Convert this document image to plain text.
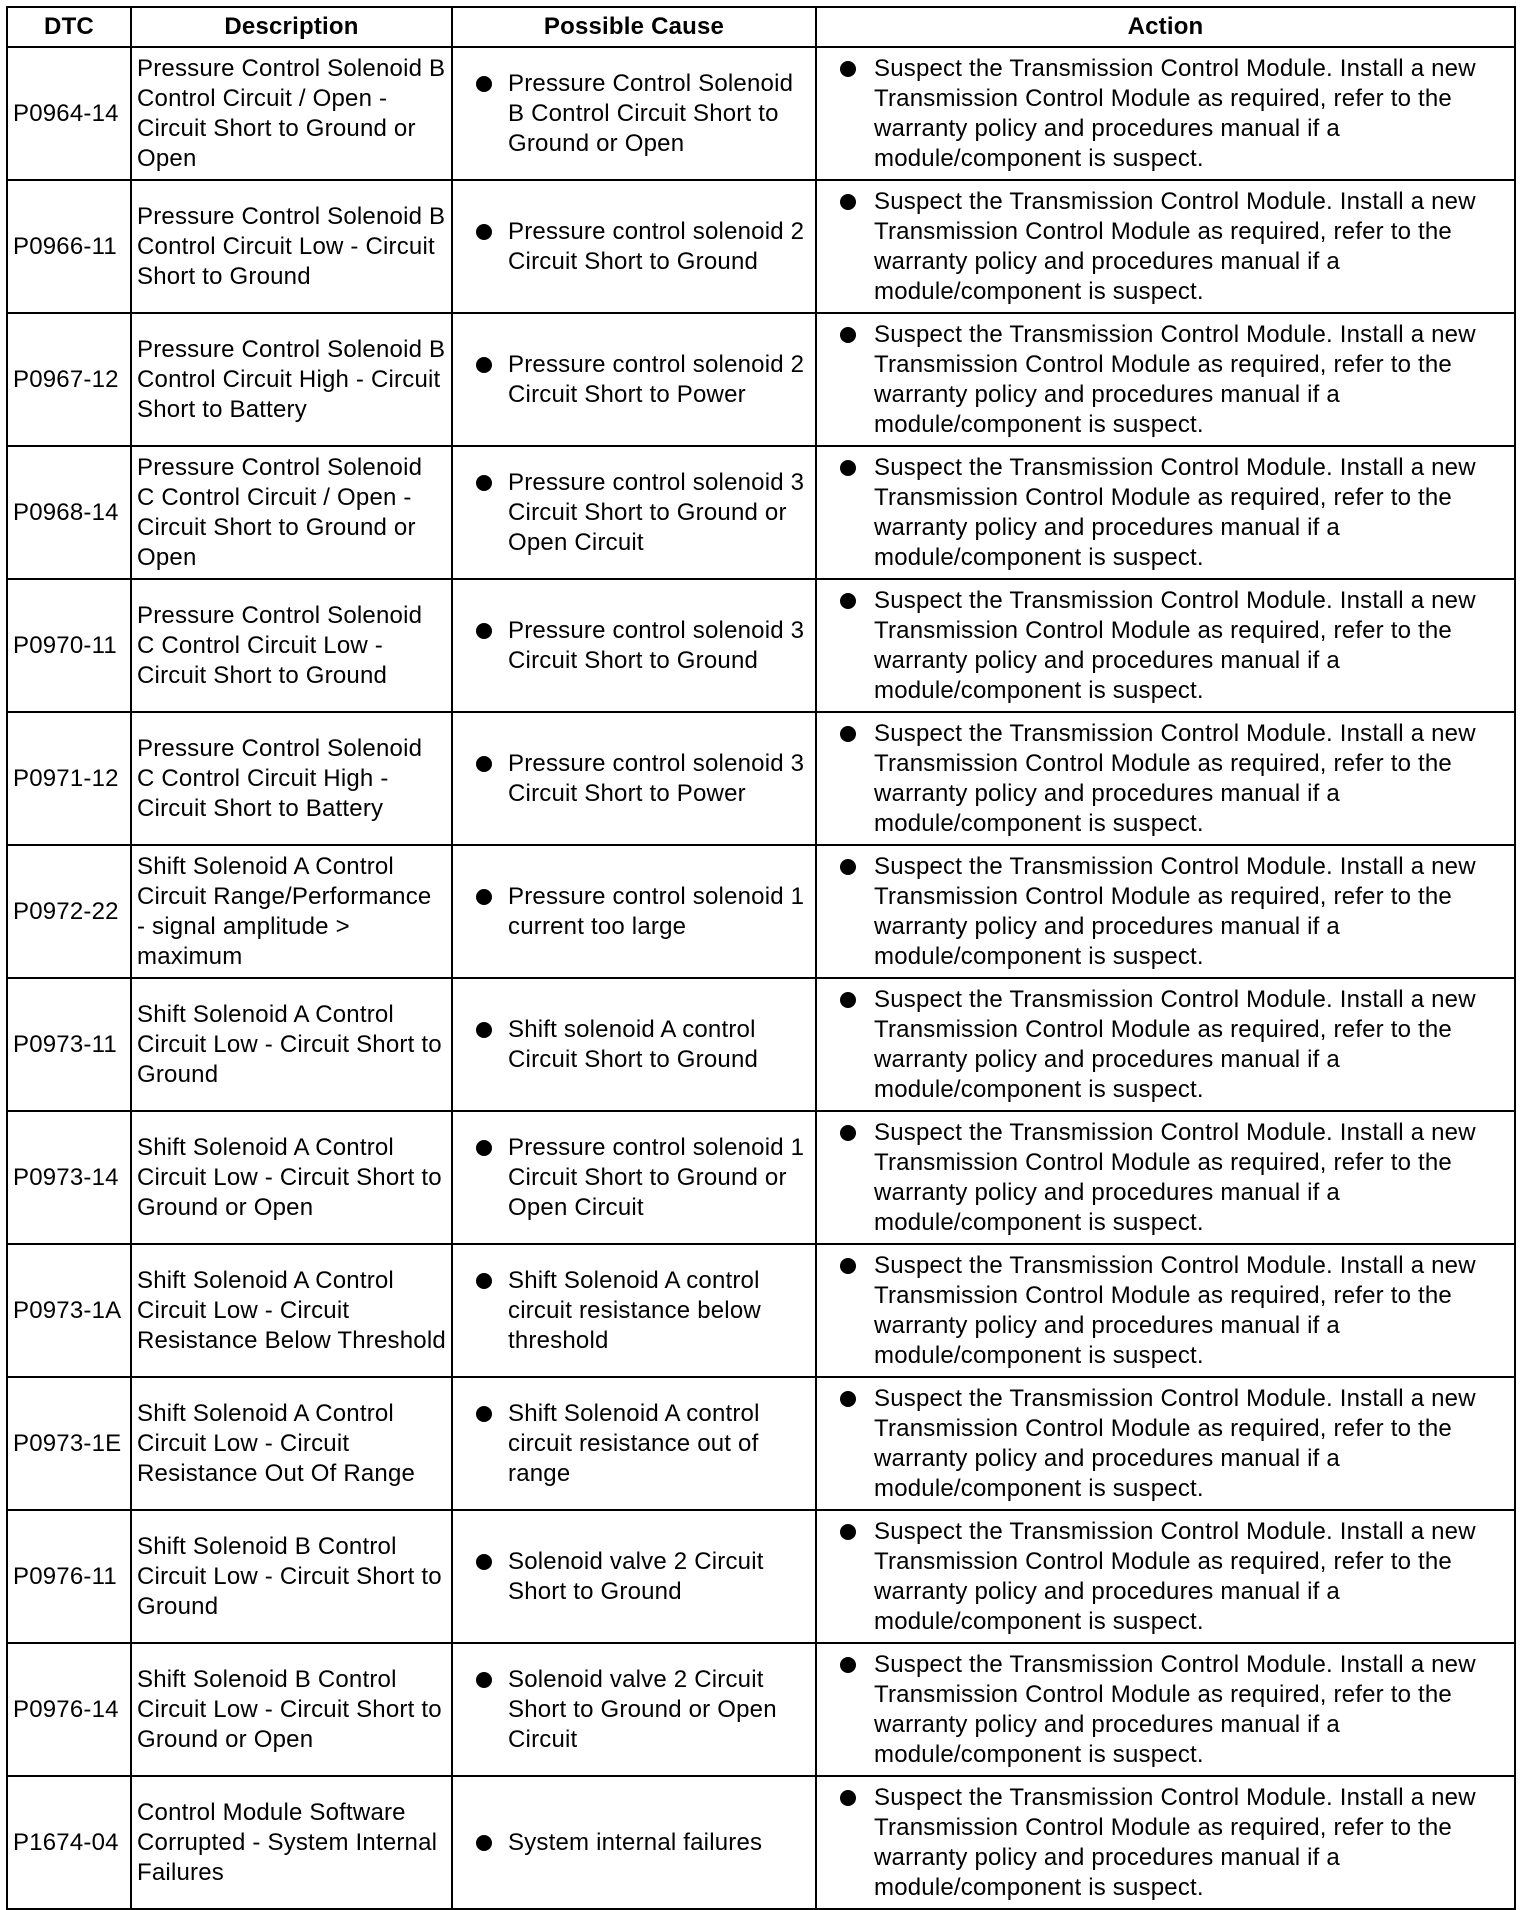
DTC	Description	Possible Cause	Action
P0964-14	Pressure Control Solenoid B Control Circuit / Open - Circuit Short to Ground or Open	Pressure Control Solenoid B Control Circuit Short to Ground or Open	Suspect the Transmission Control Module. Install a new Transmission Control Module as required, refer to the warranty policy and procedures manual if a module/component is suspect.

P0966-11	Pressure Control Solenoid B Control Circuit Low - Circuit Short to Ground	Pressure control solenoid 2 Circuit Short to Ground	Suspect the Transmission Control Module. Install a new Transmission Control Module as required, refer to the warranty policy and procedures manual if a module/component is suspect.

P0967-12	Pressure Control Solenoid B Control Circuit High - Circuit Short to Battery	Pressure control solenoid 2 Circuit Short to Power	Suspect the Transmission Control Module. Install a new Transmission Control Module as required, refer to the warranty policy and procedures manual if a module/component is suspect.

P0968-14	Pressure Control Solenoid C Control Circuit / Open - Circuit Short to Ground or Open	Pressure control solenoid 3 Circuit Short to Ground or Open Circuit	Suspect the Transmission Control Module. Install a new Transmission Control Module as required, refer to the warranty policy and procedures manual if a module/component is suspect.

P0970-11	Pressure Control Solenoid C Control Circuit Low - Circuit Short to Ground	Pressure control solenoid 3 Circuit Short to Ground	Suspect the Transmission Control Module. Install a new Transmission Control Module as required, refer to the warranty policy and procedures manual if a module/component is suspect.

P0971-12	Pressure Control Solenoid C Control Circuit High - Circuit Short to Battery	Pressure control solenoid 3 Circuit Short to Power	Suspect the Transmission Control Module. Install a new Transmission Control Module as required, refer to the warranty policy and procedures manual if a module/component is suspect.

P0972-22	Shift Solenoid A Control Circuit Range/Performance - signal amplitude > maximum	Pressure control solenoid 1 current too large	Suspect the Transmission Control Module. Install a new Transmission Control Module as required, refer to the warranty policy and procedures manual if a module/component is suspect.

P0973-11	Shift Solenoid A Control Circuit Low - Circuit Short to Ground	Shift solenoid A control Circuit Short to Ground	Suspect the Transmission Control Module. Install a new Transmission Control Module as required, refer to the warranty policy and procedures manual if a module/component is suspect.

P0973-14	Shift Solenoid A Control Circuit Low - Circuit Short to Ground or Open	Pressure control solenoid 1 Circuit Short to Ground or Open Circuit	Suspect the Transmission Control Module. Install a new Transmission Control Module as required, refer to the warranty policy and procedures manual if a module/component is suspect.

P0973-1A	Shift Solenoid A Control Circuit Low - Circuit Resistance Below Threshold	Shift Solenoid A control circuit resistance below threshold	Suspect the Transmission Control Module. Install a new Transmission Control Module as required, refer to the warranty policy and procedures manual if a module/component is suspect.

P0973-1E	Shift Solenoid A Control Circuit Low - Circuit Resistance Out Of Range	Shift Solenoid A control circuit resistance out of range	Suspect the Transmission Control Module. Install a new Transmission Control Module as required, refer to the warranty policy and procedures manual if a module/component is suspect.

P0976-11	Shift Solenoid B Control Circuit Low - Circuit Short to Ground	Solenoid valve 2 Circuit Short to Ground	Suspect the Transmission Control Module. Install a new Transmission Control Module as required, refer to the warranty policy and procedures manual if a module/component is suspect.

P0976-14	Shift Solenoid B Control Circuit Low - Circuit Short to Ground or Open	Solenoid valve 2 Circuit Short to Ground or Open Circuit	Suspect the Transmission Control Module. Install a new Transmission Control Module as required, refer to the warranty policy and procedures manual if a module/component is suspect.

P1674-04	Control Module Software Corrupted - System Internal Failures	System internal failures	Suspect the Transmission Control Module. Install a new Transmission Control Module as required, refer to the warranty policy and procedures manual if a module/component is suspect.
